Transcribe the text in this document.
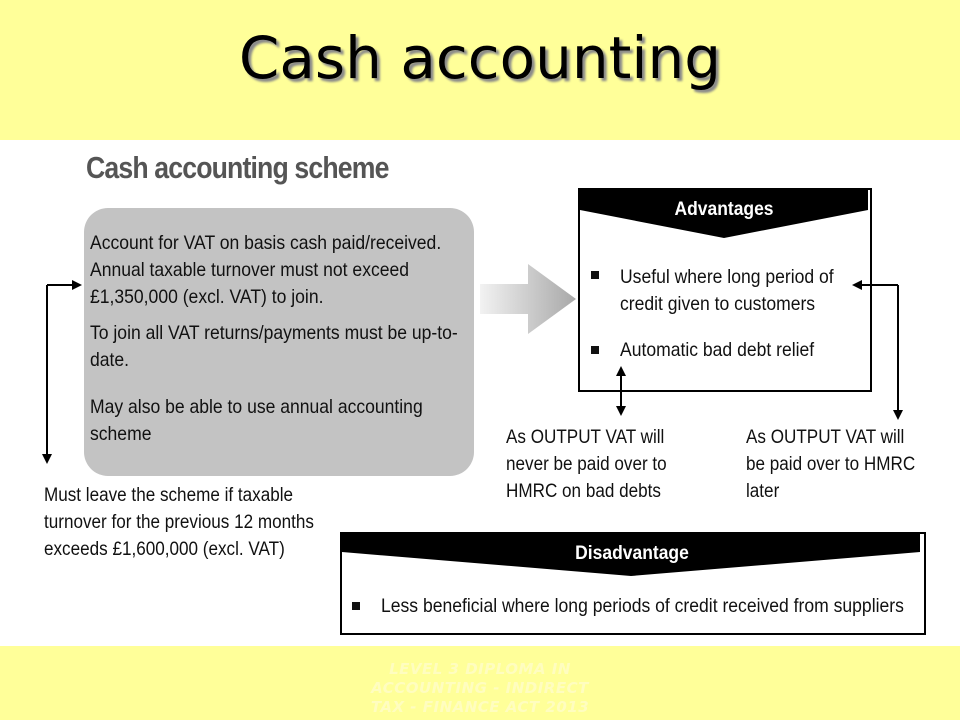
Cash accounting
Cash accounting scheme

Account for VAT on basis cash paid/received. Annual taxable turnover must not exceed £1,350,000 (excl. VAT) to join.

To join all VAT returns/payments must be up-to-date.

May also be able to use annual accounting scheme

Advantages

Useful where long period of credit given to customers

Automatic bad debt relief

As OUTPUT VAT will never be paid over to HMRC on bad debts

As OUTPUT VAT will be paid over to HMRC later

Disadvantage

Less beneficial where long periods of credit received from suppliers

Must leave the scheme if taxable turnover for the previous 12 months exceeds £1,600,000 (excl. VAT)

LEVEL 3 DIPLOMA IN
ACCOUNTING - INDIRECT
TAX - FINANCE ACT 2013
